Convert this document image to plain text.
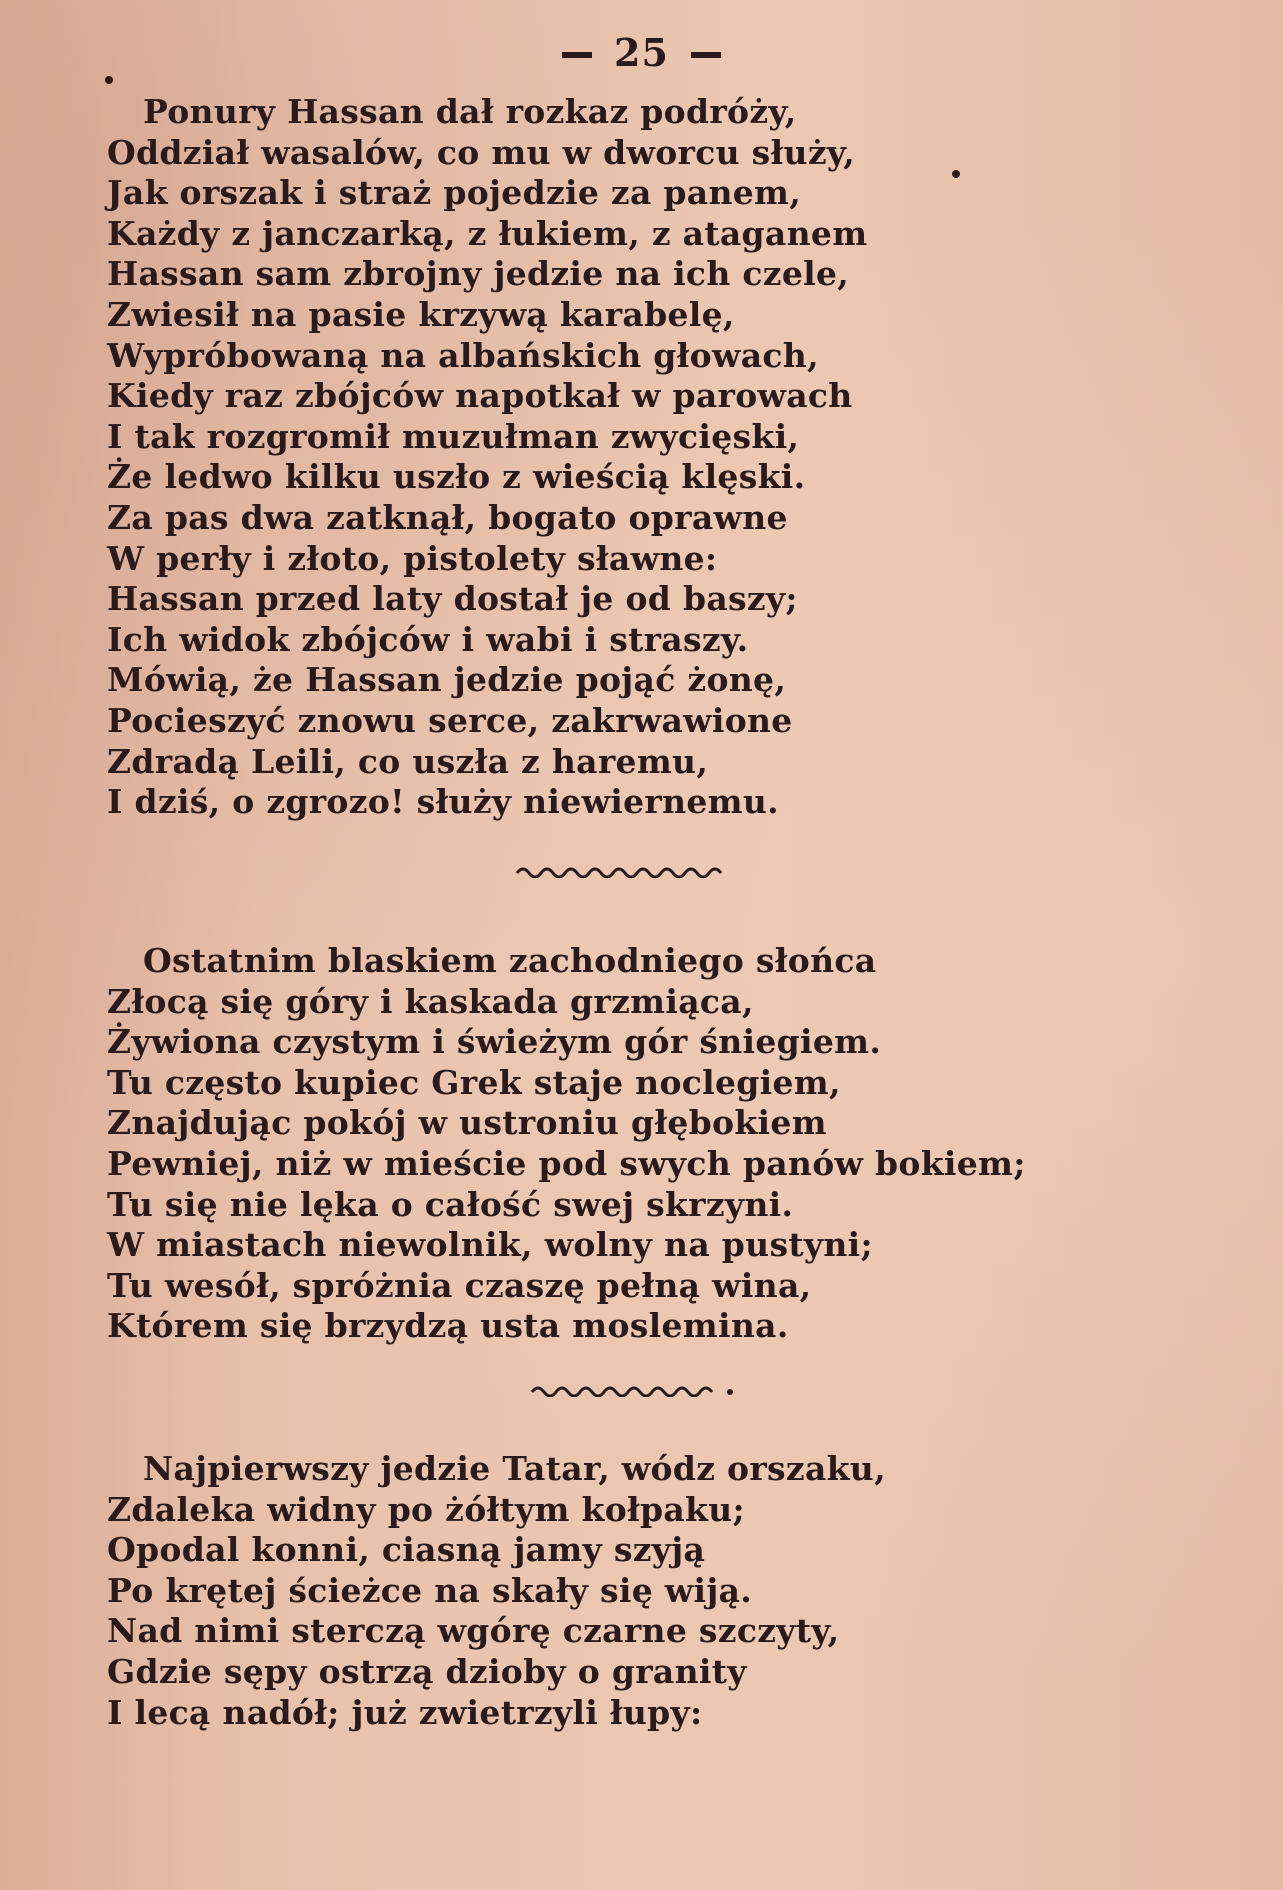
25
Ponury Hassan dał rozkaz podróży,
Oddział wasalów, co mu w dworcu służy,
Jak orszak i straż pojedzie za panem,
Każdy z janczarką, z łukiem, z ataganem
Hassan sam zbrojny jedzie na ich czele,
Zwiesił na pasie krzywą karabelę,
Wypróbowaną na albańskich głowach,
Kiedy raz zbójców napotkał w parowach
I tak rozgromił muzułman zwycięski,
Że ledwo kilku uszło z wieścią klęski.
Za pas dwa zatknął, bogato oprawne
W perły i złoto, pistolety sławne:
Hassan przed laty dostał je od baszy;
Ich widok zbójców i wabi i straszy.
Mówią, że Hassan jedzie pojąć żonę,
Pocieszyć znowu serce, zakrwawione
Zdradą Leili, co uszła z haremu,
I dziś, o zgrozo! służy niewiernemu.
Ostatnim blaskiem zachodniego słońca
Złocą się góry i kaskada grzmiąca,
Żywiona czystym i świeżym gór śniegiem.
Tu często kupiec Grek staje noclegiem,
Znajdując pokój w ustroniu głębokiem
Pewniej, niż w mieście pod swych panów bokiem;
Tu się nie lęka o całość swej skrzyni.
W miastach niewolnik, wolny na pustyni;
Tu wesół, spróżnia czaszę pełną wina,
Którem się brzydzą usta moslemina.
Najpierwszy jedzie Tatar, wódz orszaku,
Zdaleka widny po żółtym kołpaku;
Opodal konni, ciasną jamy szyją
Po krętej ścieżce na skały się wiją.
Nad nimi sterczą wgórę czarne szczyty,
Gdzie sępy ostrzą dzioby o granity
I lecą nadół; już zwietrzyli łupy:
